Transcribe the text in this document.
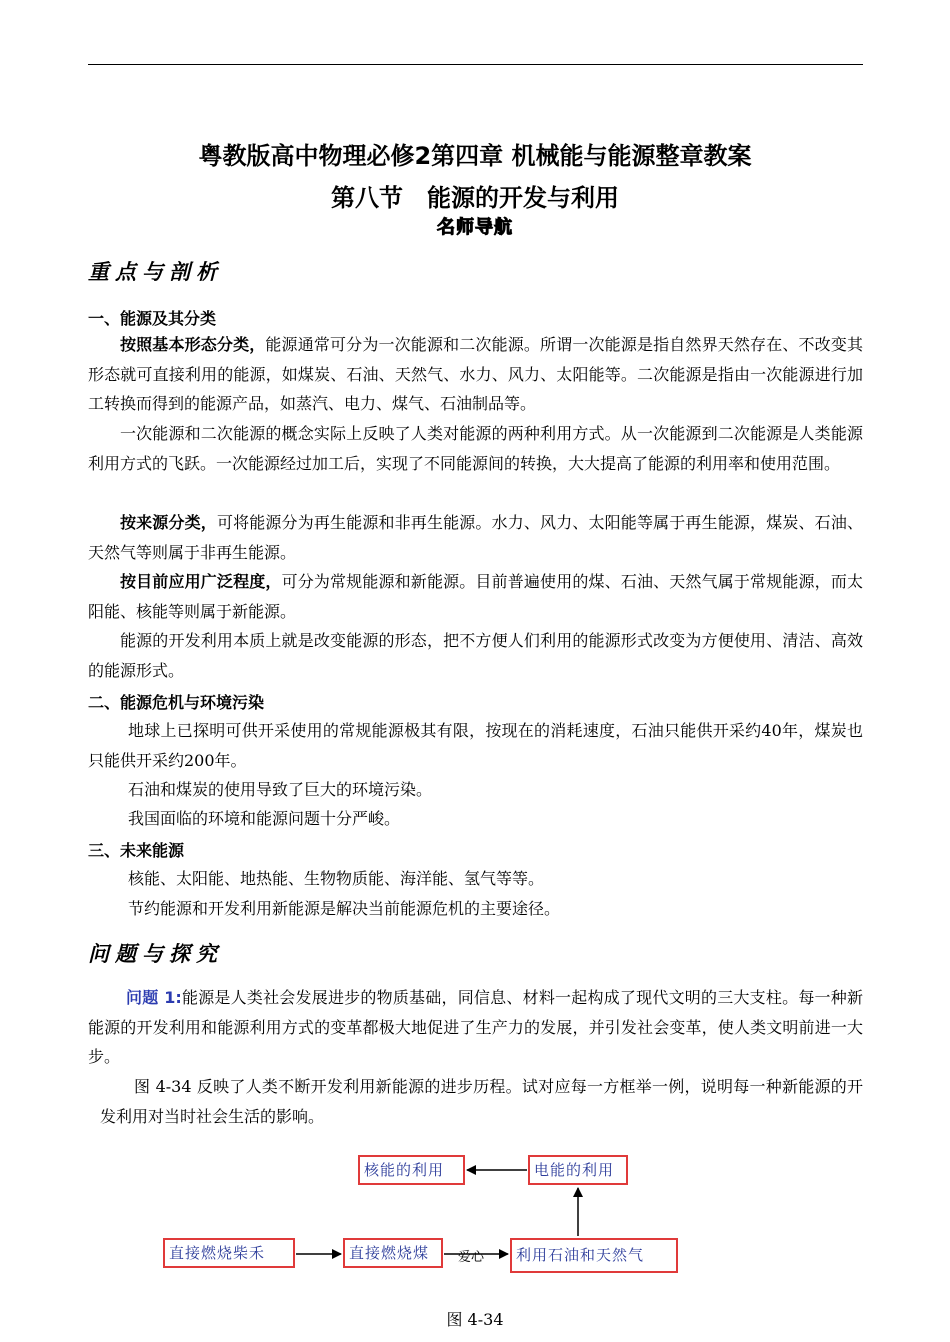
粤教版高中物理必修2第四章 机械能与能源整章教案
第八节　能源的开发与利用
名师导航
重点与剖析
一、能源及其分类
按照基本形态分类，能源通常可分为一次能源和二次能源。所谓一次能源是指自然界天然存在、不改变其形态就可直接利用的能源，如煤炭、石油、天然气、水力、风力、太阳能等。二次能源是指由一次能源进行加工转换而得到的能源产品，如蒸汽、电力、煤气、石油制品等。
一次能源和二次能源的概念实际上反映了人类对能源的两种利用方式。从一次能源到二次能源是人类能源利用方式的飞跃。一次能源经过加工后，实现了不同能源间的转换，大大提高了能源的利用率和使用范围。
按来源分类，可将能源分为再生能源和非再生能源。水力、风力、太阳能等属于再生能源，煤炭、石油、天然气等则属于非再生能源。
按目前应用广泛程度，可分为常规能源和新能源。目前普遍使用的煤、石油、天然气属于常规能源，而太阳能、核能等则属于新能源。
能源的开发利用本质上就是改变能源的形态，把不方便人们利用的能源形式改变为方便使用、清洁、高效的能源形式。
二、能源危机与环境污染
地球上已探明可供开采使用的常规能源极其有限，按现在的消耗速度，石油只能供开采约40年，煤炭也只能供开采约200年。
石油和煤炭的使用导致了巨大的环境污染。
我国面临的环境和能源问题十分严峻。
三、未来能源
核能、太阳能、地热能、生物物质能、海洋能、氢气等等。
节约能源和开发利用新能源是解决当前能源危机的主要途径。
问题与探究
问题 1:能源是人类社会发展进步的物质基础，同信息、材料一起构成了现代文明的三大支柱。每一种新能源的开发利用和能源利用方式的变革都极大地促进了生产力的发展，并引发社会变革，使人类文明前进一大步。
图 4-34 反映了人类不断开发利用新能源的进步历程。试对应每一方框举一例，说明每一种新能源的开发利用对当时社会生活的影响。
核能的利用	电能的利用
直接燃烧柴禾	直接燃烧煤	利用石油和天然气
爱心
图 4-34
